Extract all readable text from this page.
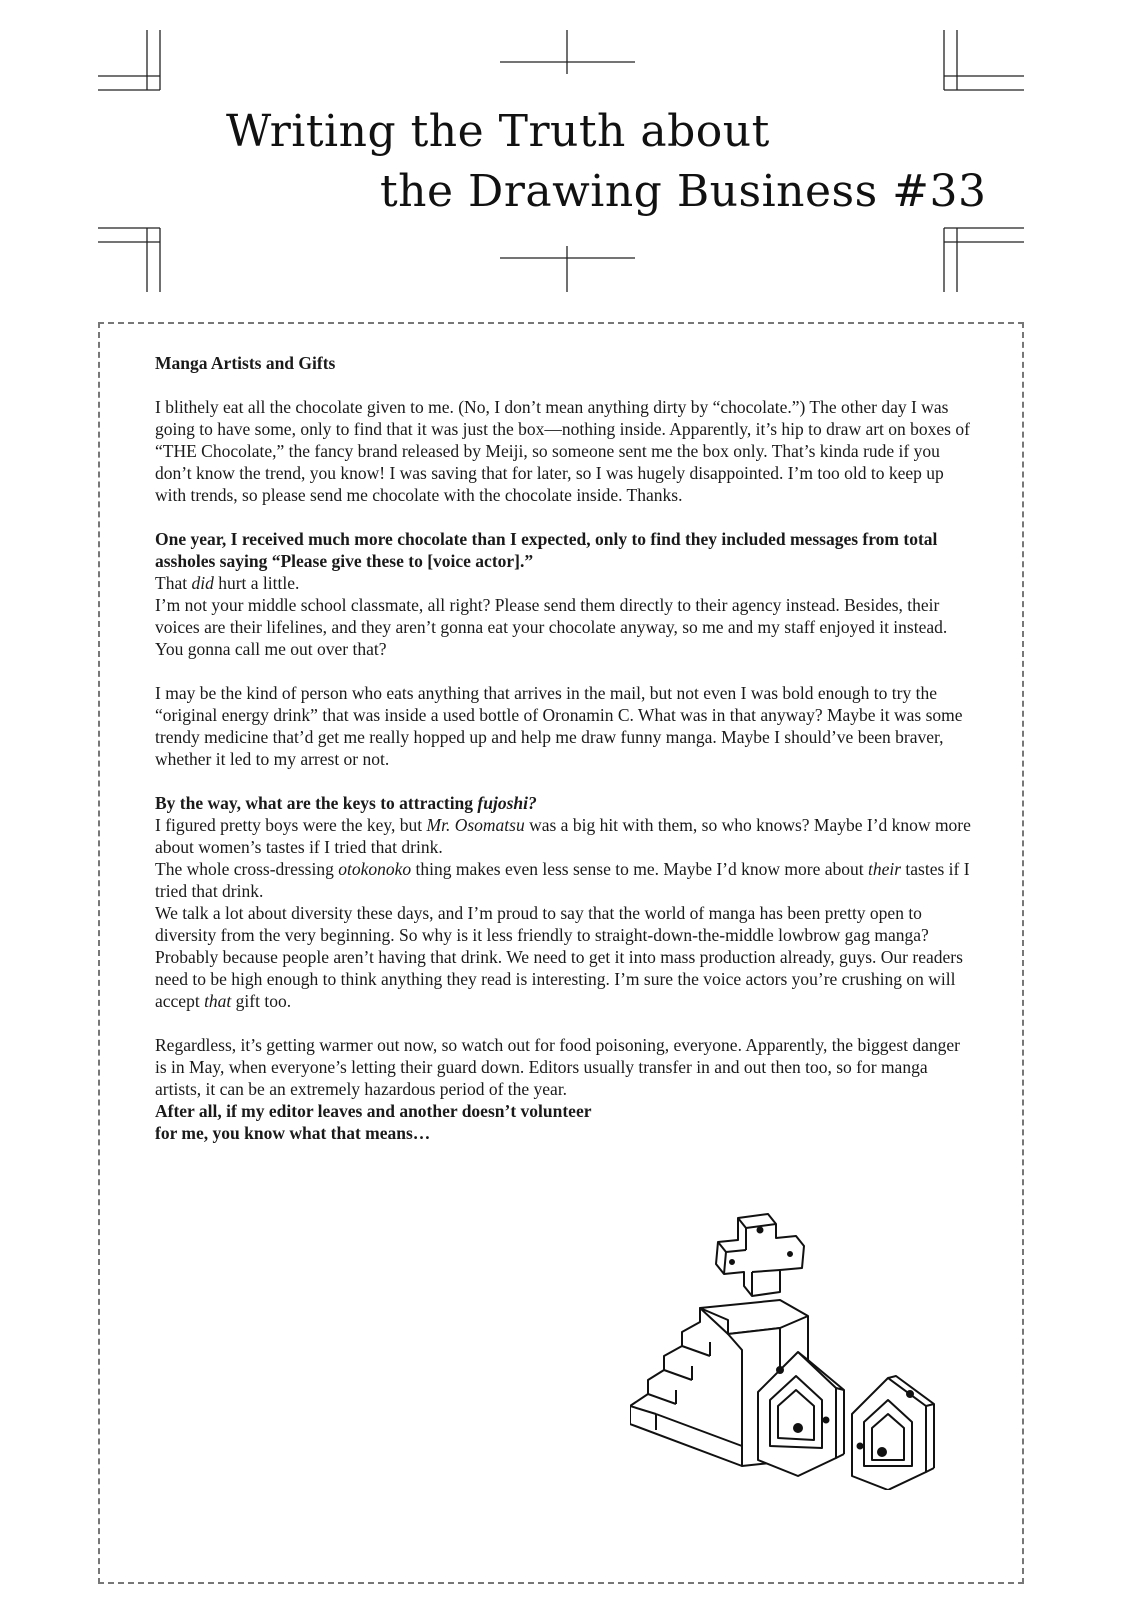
Writing the Truth about
the Drawing Business #33

Manga Artists and Gifts

I blithely eat all the chocolate given to me. (No, I don’t mean anything dirty by “chocolate.”) The other day I was going to have some, only to find that it was just the box—nothing inside. Apparently, it’s hip to draw art on boxes of “THE Chocolate,” the fancy brand released by Meiji, so someone sent me the box only. That’s kinda rude if you don’t know the trend, you know! I was saving that for later, so I was hugely disappointed. I’m too old to keep up with trends, so please send me chocolate with the chocolate inside. Thanks.

One year, I received much more chocolate than I expected, only to find they included messages from total assholes saying “Please give these to [voice actor].”

That did hurt a little.

I’m not your middle school classmate, all right? Please send them directly to their agency instead. Besides, their voices are their lifelines, and they aren’t gonna eat your chocolate anyway, so me and my staff enjoyed it instead. You gonna call me out over that?

I may be the kind of person who eats anything that arrives in the mail, but not even I was bold enough to try the “original energy drink” that was inside a used bottle of Oronamin C. What was in that anyway? Maybe it was some trendy medicine that’d get me really hopped up and help me draw funny manga. Maybe I should’ve been braver, whether it led to my arrest or not.

By the way, what are the keys to attracting fujoshi?

I figured pretty boys were the key, but Mr. Osomatsu was a big hit with them, so who knows? Maybe I’d know more about women’s tastes if I tried that drink.

The whole cross-dressing otokonoko thing makes even less sense to me. Maybe I’d know more about their tastes if I tried that drink.

We talk a lot about diversity these days, and I’m proud to say that the world of manga has been pretty open to diversity from the very beginning. So why is it less friendly to straight-down-the-middle lowbrow gag manga? Probably because people aren’t having that drink. We need to get it into mass production already, guys. Our readers need to be high enough to think anything they read is interesting. I’m sure the voice actors you’re crushing on will accept that gift too.

Regardless, it’s getting warmer out now, so watch out for food poisoning, everyone. Apparently, the biggest danger is in May, when everyone’s letting their guard down. Editors usually transfer in and out then too, so for manga artists, it can be an extremely hazardous period of the year.

After all, if my editor leaves and another doesn’t volunteer

for me, you know what that means…
